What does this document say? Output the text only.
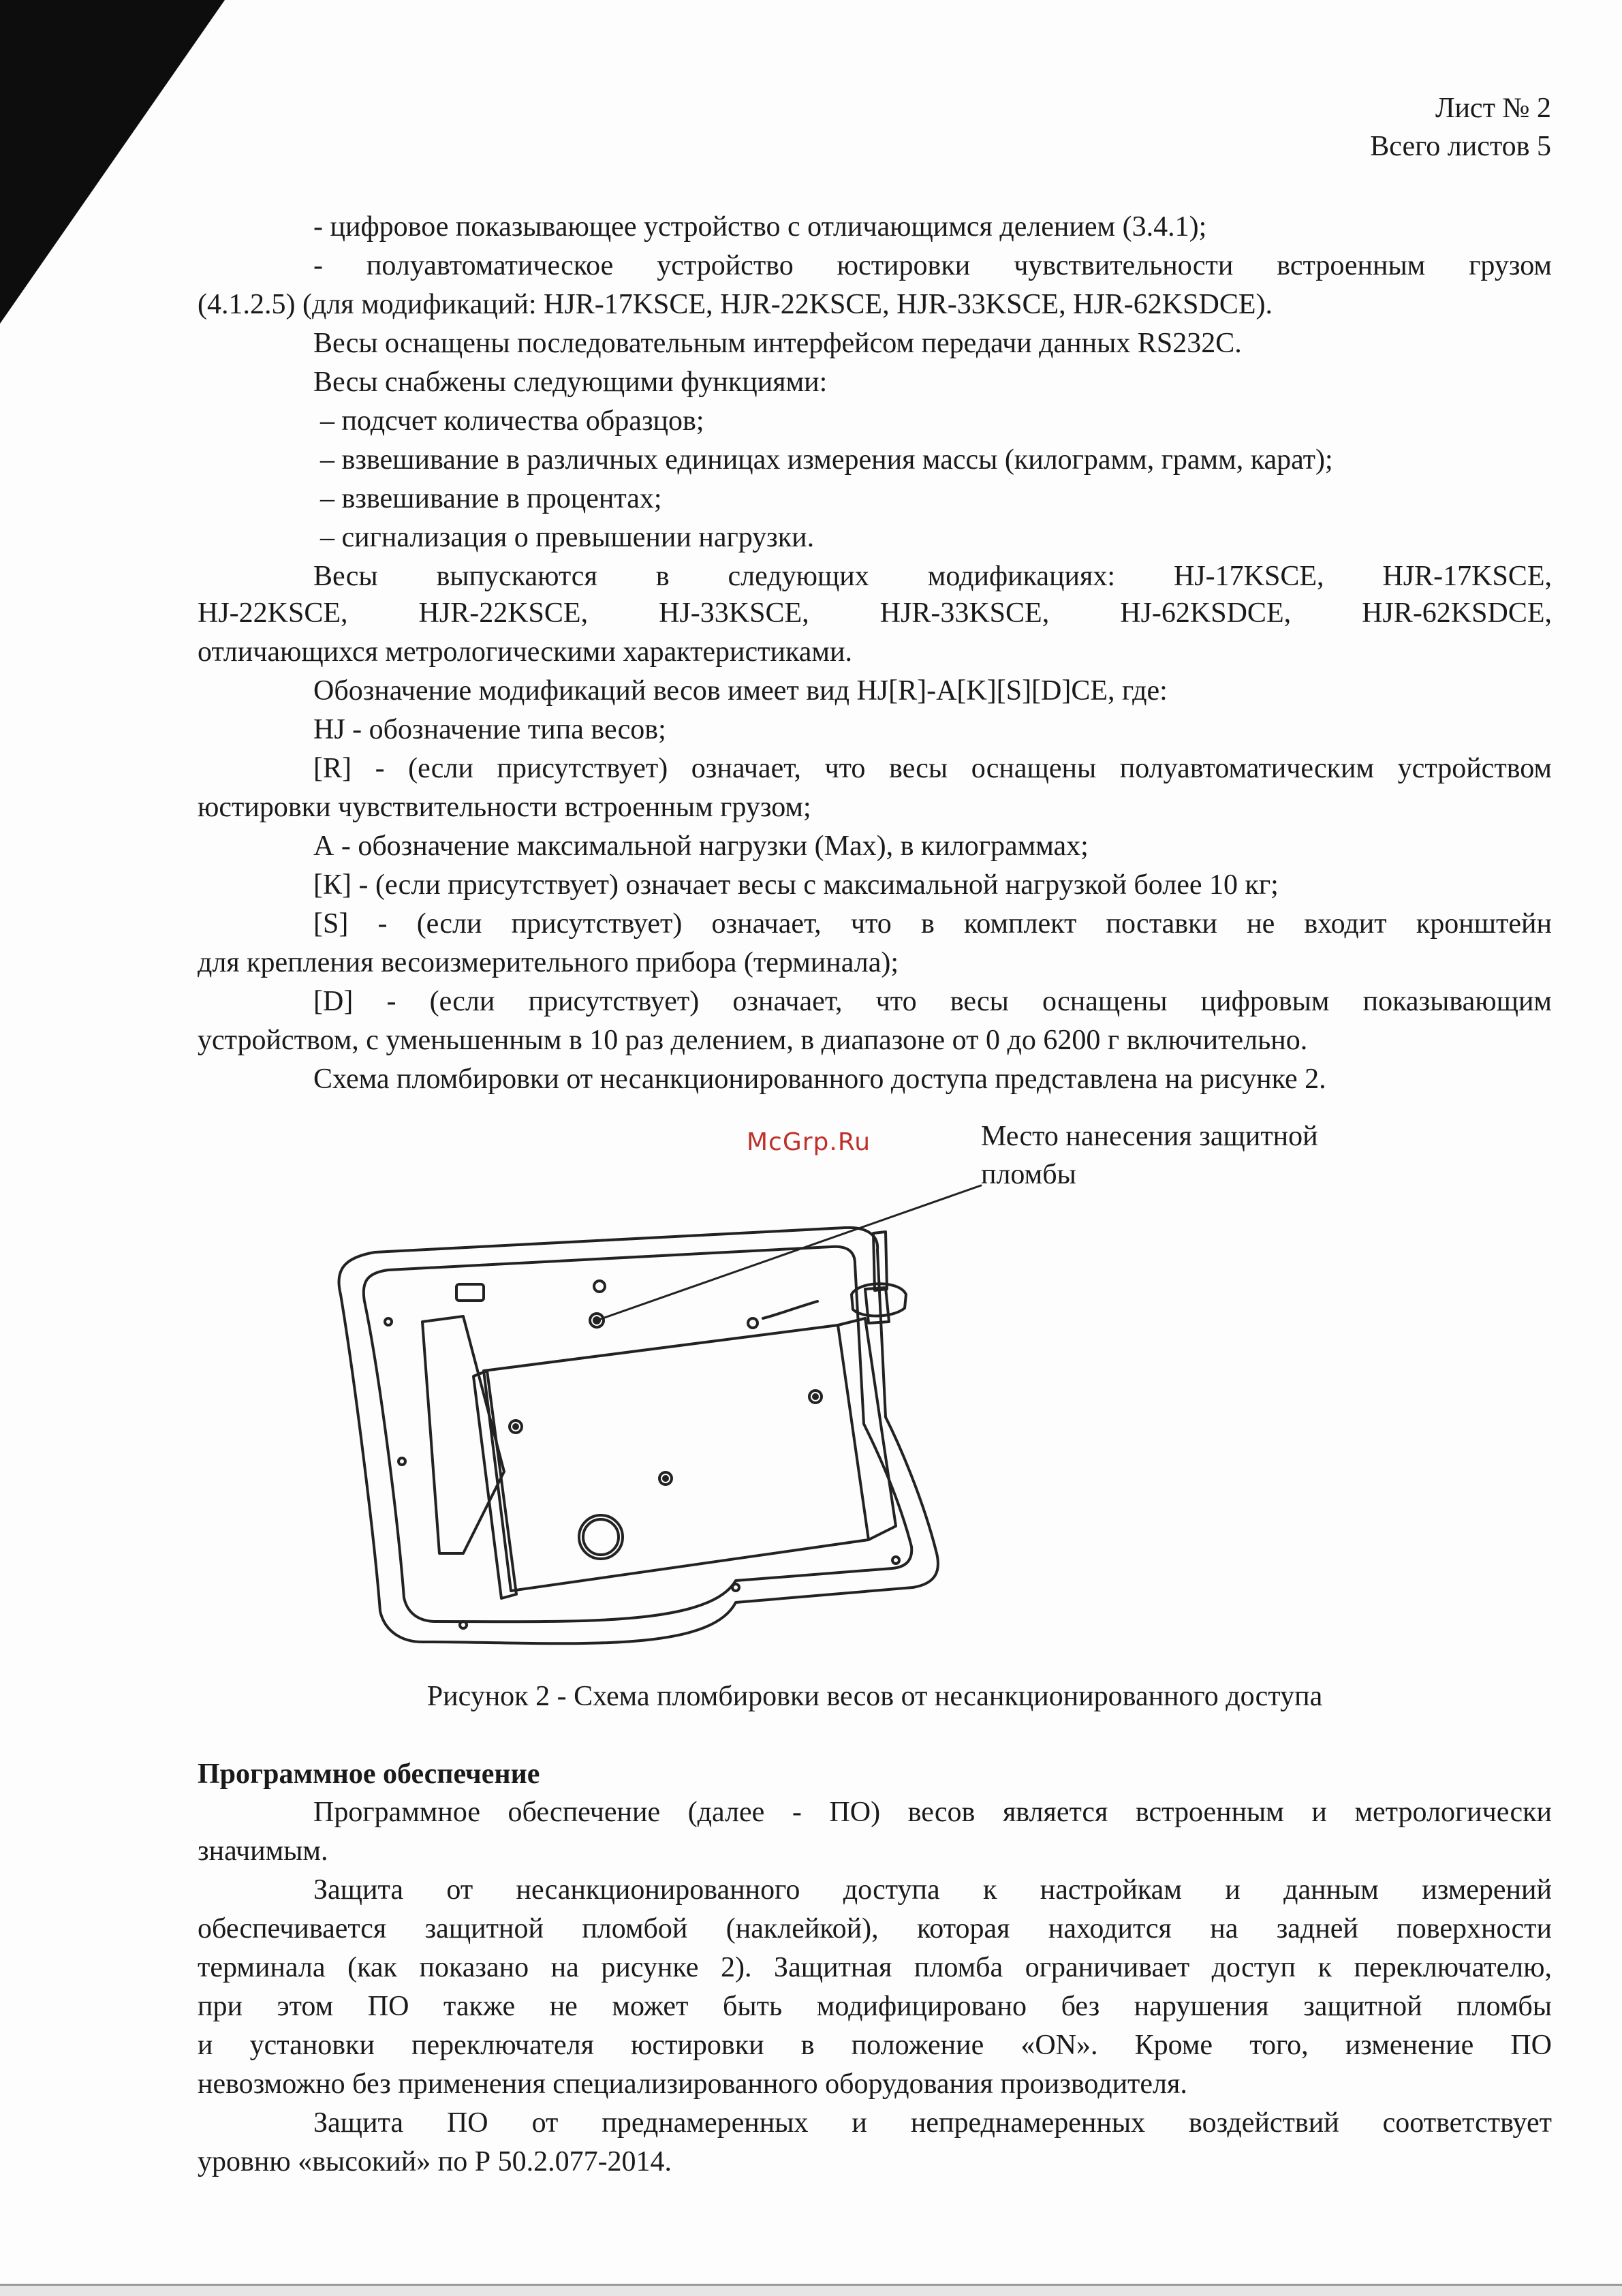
Лист № 2
Всего листов 5
- цифровое показывающее устройство с отличающимся делением (3.4.1);
- полуавтоматическое устройство юстировки чувствительности встроенным грузом
(4.1.2.5) (для модификаций: HJR-17KSCE, HJR-22KSCE, HJR-33KSCE, HJR-62KSDCE).
Весы оснащены последовательным интерфейсом передачи данных RS232C.
Весы снабжены следующими функциями:
– подсчет количества образцов;
– взвешивание в различных единицах измерения массы (килограмм, грамм, карат);
– взвешивание в процентах;
– сигнализация о превышении нагрузки.
Весы выпускаются в следующих модификациях: HJ-17KSCE, HJR-17KSCE,
HJ-22KSCE, HJR-22KSCE, HJ-33KSCE, HJR-33KSCE, HJ-62KSDCE, HJR-62KSDCE,
отличающихся метрологическими характеристиками.
Обозначение модификаций весов имеет вид HJ[R]-A[K][S][D]CE, где:
HJ - обозначение типа весов;
[R] - (если присутствует) означает, что весы оснащены полуавтоматическим устройством
юстировки чувствительности встроенным грузом;
А - обозначение максимальной нагрузки (Max), в килограммах;
[К] - (если присутствует) означает весы с максимальной нагрузкой более 10 кг;
[S] - (если присутствует) означает, что в комплект поставки не входит кронштейн
для крепления весоизмерительного прибора (терминала);
[D] - (если присутствует) означает, что весы оснащены цифровым показывающим
устройством, с уменьшенным в 10 раз делением, в диапазоне от 0 до 6200 г включительно.
Схема пломбировки от несанкционированного доступа представлена на рисунке 2.
McGrp.Ru	Место нанесения защитной
пломбы
Рисунок 2 - Схема пломбировки весов от несанкционированного доступа
Программное обеспечение
Программное обеспечение (далее - ПО) весов является встроенным и метрологически
значимым.
Защита от несанкционированного доступа к настройкам и данным измерений
обеспечивается защитной пломбой (наклейкой), которая находится на задней поверхности
терминала (как показано на рисунке 2). Защитная пломба ограничивает доступ к переключателю,
при этом ПО также не может быть модифицировано без нарушения защитной пломбы
и установки переключателя юстировки в положение «ON». Кроме того, изменение ПО
невозможно без применения специализированного оборудования производителя.
Защита ПО от преднамеренных и непреднамеренных воздействий соответствует
уровню «высокий» по Р 50.2.077-2014.
